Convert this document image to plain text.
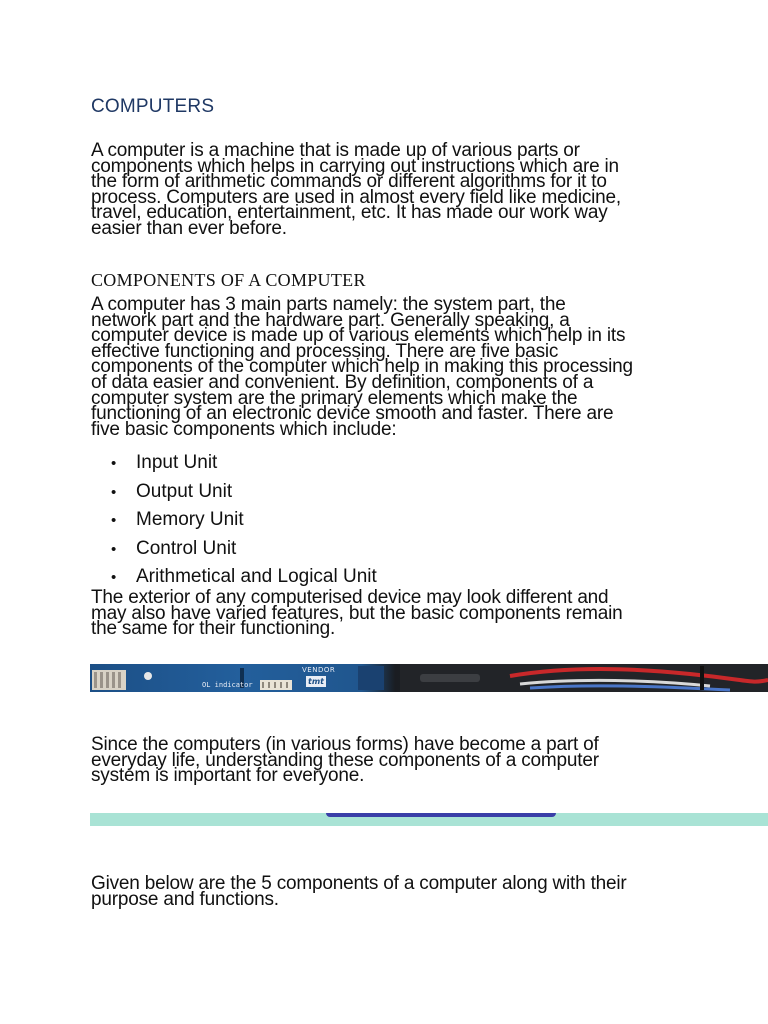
COMPUTERS

A computer is a machine that is made up of various parts or
components which helps in carrying out instructions which are in
the form of arithmetic commands or different algorithms for it to
process. Computers are used in almost every field like medicine,
travel, education, entertainment, etc. It has made our work way
easier than ever before.

COMPONENTS OF A COMPUTER

A computer has 3 main parts namely: the system part, the
network part and the hardware part. Generally speaking, a
computer device is made up of various elements which help in its
effective functioning and processing. There are five basic
components of the computer which help in making this processing
of data easier and convenient. By definition, components of a
computer system are the primary elements which make the
functioning of an electronic device smooth and faster. There are
five basic components which include:

• Input Unit
• Output Unit
• Memory Unit
• Control Unit
• Arithmetical and Logical Unit

The exterior of any computerised device may look different and
may also have varied features, but the basic components remain
the same for their functioning.

OL indicator
VENDOR
tmt

Since the computers (in various forms) have become a part of
everyday life, understanding these components of a computer
system is important for everyone.

Given below are the 5 components of a computer along with their
purpose and functions.
